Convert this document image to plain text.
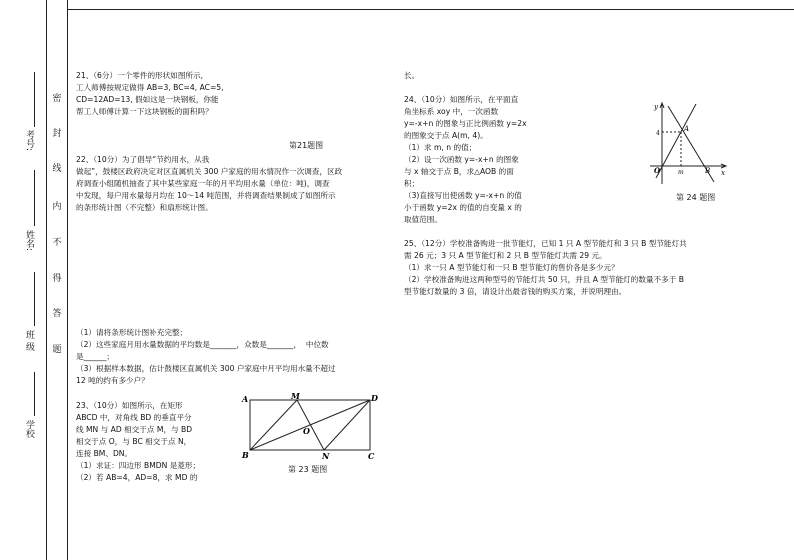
考号:
姓名:
班 级
学校
密
封
线
内
不
得
答
题
21、（6分）一个零件的形状如图所示,
工人师傅按规定做得 AB=3, BC=4, AC=5,
CD=12AD=13, 假如这是一块钢板，你能
帮工人师傅计算一下这块钢板的面积吗？
第21题图
22、（10分）为了倡导“节约用水，从我
做起”，鼓楼区政府决定对区直属机关 300 户家庭的用水情况作一次调查，区政
府调查小组随机抽查了其中某些家庭一年的月平均用水量（单位：吨)，调查
中发现，每户用水量每月均在 10～14 吨范围，并将调查结果制成了如图所示
的条形统计图（不完整）和扇形统计图。
（1）请将条形统计图补充完整；
（2）这些家庭月用水量数据的平均数是_______，众数是_______，  中位数
是______；
（3）根据样本数据，估计鼓楼区直属机关 300 户家庭中月平均用水量不超过
12 吨的约有多少户？
23、（10分）如图所示，在矩形
ABCD 中，对角线 BD 的垂直平分
线 MN 与 AD 相交于点 M，与 BD
相交于点 O，与 BC 相交于点 N，
连接 BM、DN。
（1）求证：四边形 BMDN 是菱形；
（2）若 AB=4，AD=8，求 MD 的
A	M	D
O
B	N	C
第 23 题图
长。
24、（10分）如图所示，在平面直
角坐标系 xoy 中，一次函数
y=-x+n 的图象与正比例函数 y=2x
的图象交于点 A(m, 4)。
（1）求 m, n 的值；
（2）设一次函数 y=-x+n 的图象
与 x 轴交于点 B，求△AOB 的面
积；
（3)直接写出使函数 y=-x+n 的值
小于函数 y=2x 的值的自变量 x 的
取值范围。
y
4
A
O	m	B x
第 24 题图
25、（12分）学校准备购进一批节能灯，已知 1 只 A 型节能灯和 3 只 B 型节能灯共
需 26 元；3 只 A 型节能灯和 2 只 B 型节能灯共需 29 元。
（1）求一只 A 型节能灯和一只 B 型节能灯的售价各是多少元？
（2）学校准备购进这两种型号的节能灯共 50 只，并且 A 型节能灯的数量不多于 B
型节能灯数量的 3 倍，请设计出最省钱的购买方案，并说明理由。
